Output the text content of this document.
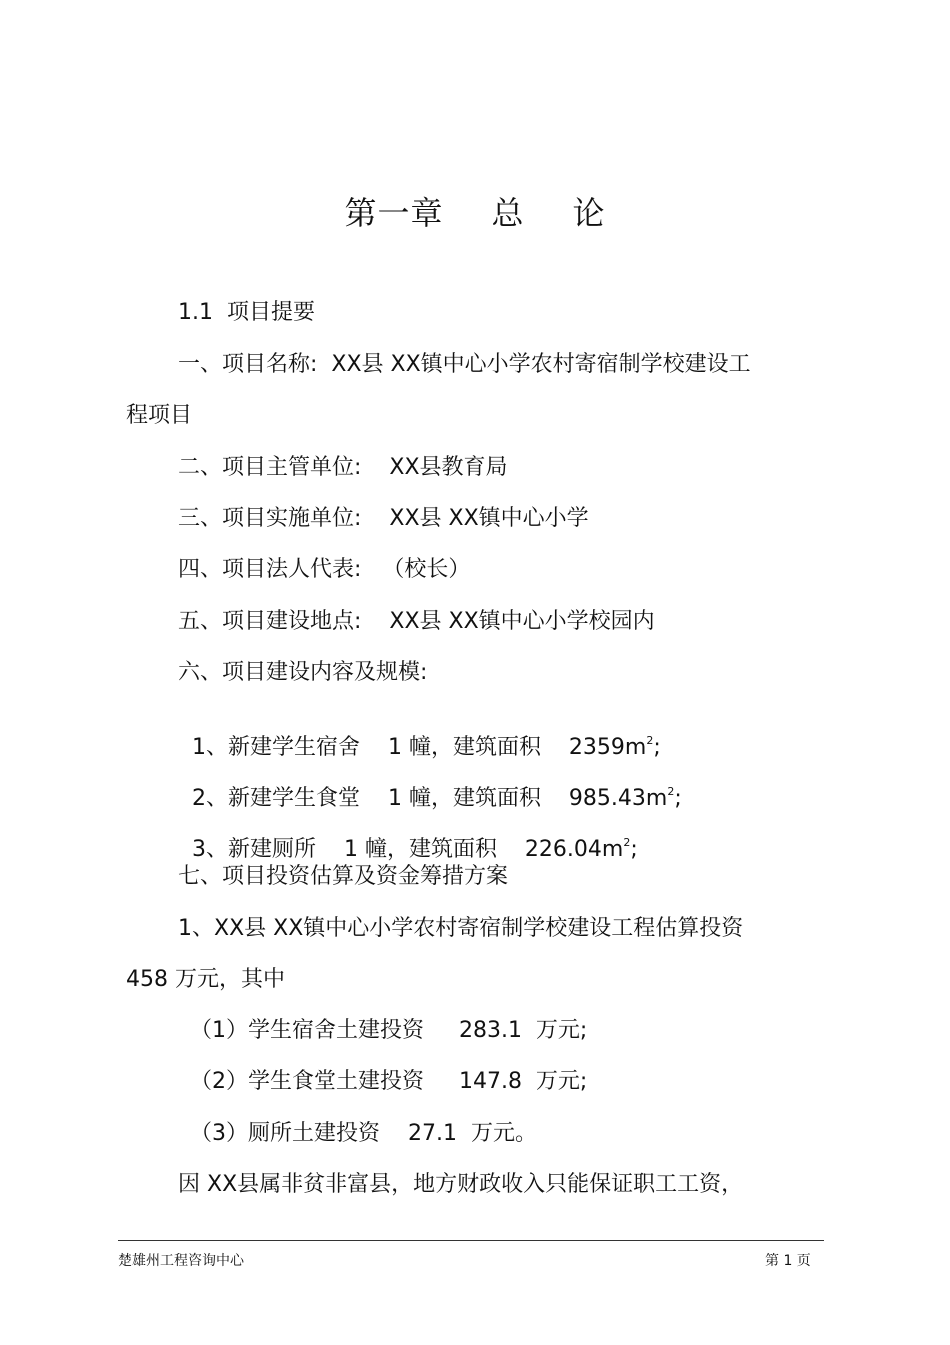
第一章 总 论
1.1  项目提要
一、项目名称:  XX县 XX镇中心小学农村寄宿制学校建设工
程项目
二、项目主管单位:    XX县教育局
三、项目实施单位:    XX县 XX镇中心小学
四、项目法人代表:   （校长）
五、项目建设地点:    XX县 XX镇中心小学校园内
六、项目建设内容及规模:

1、新建学生宿舍    1 幢，建筑面积    $2359m^2$;

2、新建学生食堂    1 幢，建筑面积    $985.43m^2$;

3、新建厕所    1 幢，建筑面积    $226.04m^2$;

七、项目投资估算及资金筹措方案
1、XX县 XX镇中心小学农村寄宿制学校建设工程估算投资
458 万元，其中
（1）学生宿舍土建投资     283.1  万元;
（2）学生食堂土建投资     147.8  万元;
（3）厕所土建投资    27.1  万元。
因 XX县属非贫非富县，地方财政收入只能保证职工工资，
楚雄州工程咨询中心	第 1 页
